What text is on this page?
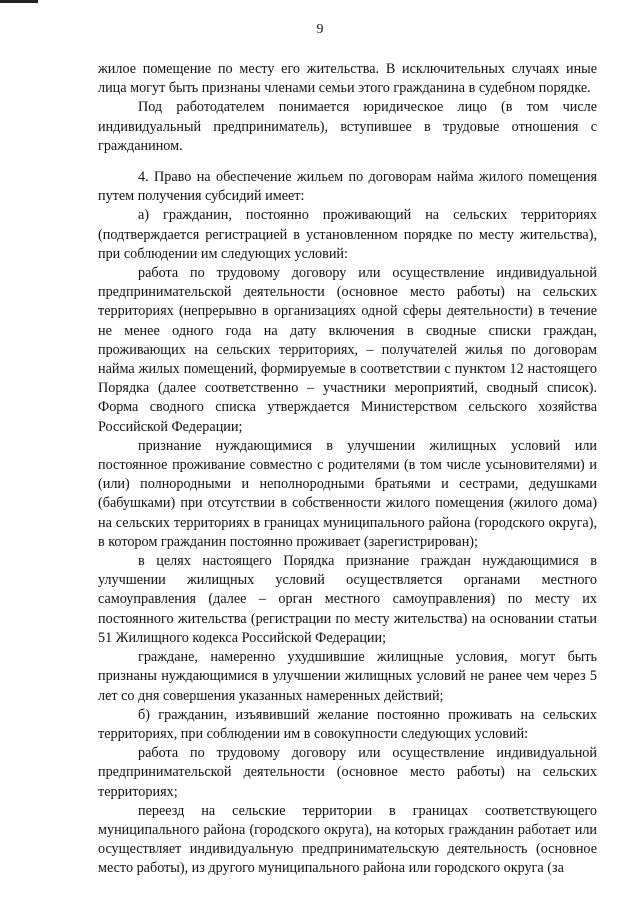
9

жилое помещение по месту его жительства. В исключительных случаях иные лица могут быть признаны членами семьи этого гражданина в судебном порядке.

Под работодателем понимается юридическое лицо (в том числе индивидуальный предприниматель), вступившее в трудовые отношения с гражданином.

4. Право на обеспечение жильем по договорам найма жилого помещения путем получения субсидий имеет:

а) гражданин, постоянно проживающий на сельских территориях (подтверждается регистрацией в установленном порядке по месту жительства), при соблюдении им следующих условий:

работа по трудовому договору или осуществление индивидуальной предпринимательской деятельности (основное место работы) на сельских территориях (непрерывно в организациях одной сферы деятельности) в течение не менее одного года на дату включения в сводные списки граждан, проживающих на сельских территориях, – получателей жилья по договорам найма жилых помещений, формируемые в соответствии с пунктом 12 настоящего Порядка (далее соответственно – участники мероприятий, сводный список). Форма сводного списка утверждается Министерством сельского хозяйства Российской Федерации;

признание нуждающимися в улучшении жилищных условий или постоянное проживание совместно с родителями (в том числе усыновителями) и (или) полнородными и неполнородными братьями и сестрами, дедушками (бабушками) при отсутствии в собственности жилого помещения (жилого дома) на сельских территориях в границах муниципального района (городского округа), в котором гражданин постоянно проживает (зарегистрирован);

в целях настоящего Порядка признание граждан нуждающимися в улучшении жилищных условий осуществляется органами местного самоуправления (далее – орган местного самоуправления) по месту их постоянного жительства (регистрации по месту жительства) на основании статьи 51 Жилищного кодекса Российской Федерации;

граждане, намеренно ухудшившие жилищные условия, могут быть признаны нуждающимися в улучшении жилищных условий не ранее чем через 5 лет со дня совершения указанных намеренных действий;

б) гражданин, изъявивший желание постоянно проживать на сельских территориях, при соблюдении им в совокупности следующих условий:

работа по трудовому договору или осуществление индивидуальной предпринимательской деятельности (основное место работы) на сельских территориях;

переезд на сельские территории в границах соответствующего муниципального района (городского округа), на которых гражданин работает или осуществляет индивидуальную предпринимательскую деятельность (основное место работы), из другого муниципального района или городского округа (за
